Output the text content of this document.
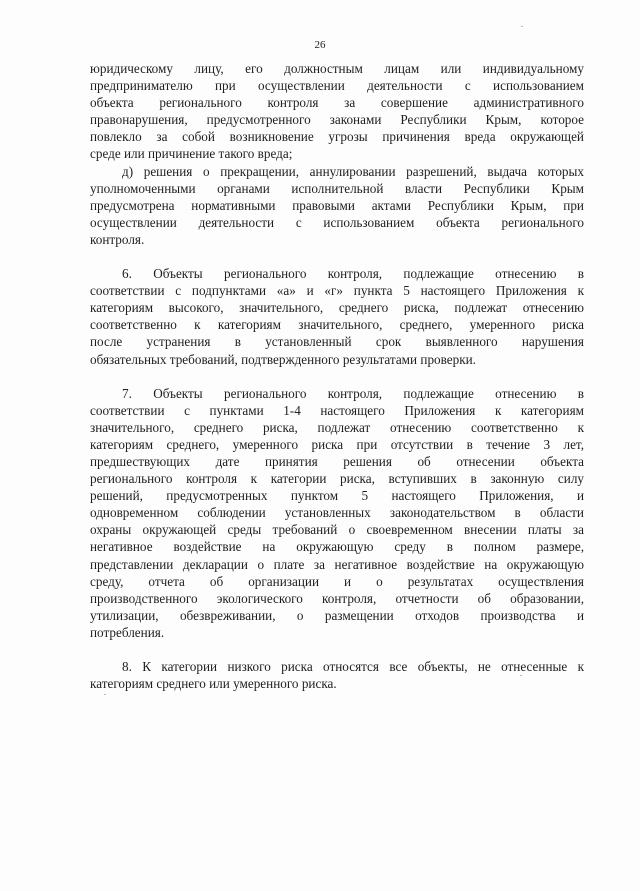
26

юридическому лицу, его должностным лицам или индивидуальному
предпринимателю при осуществлении деятельности с использованием
объекта регионального контроля за совершение административного
правонарушения, предусмотренного законами Республики Крым, которое
повлекло за собой возникновение угрозы причинения вреда окружающей
среде или причинение такого вреда;

д) решения о прекращении, аннулировании разрешений, выдача которых
уполномоченными органами исполнительной власти Республики Крым
предусмотрена нормативными правовыми актами Республики Крым, при
осуществлении деятельности с использованием объекта регионального
контроля.

6. Объекты регионального контроля, подлежащие отнесению в
соответствии с подпунктами «а» и «г» пункта 5 настоящего Приложения к
категориям высокого, значительного, среднего риска, подлежат отнесению
соответственно к категориям значительного, среднего, умеренного риска
после устранения в установленный срок выявленного нарушения
обязательных требований, подтвержденного результатами проверки.

7. Объекты регионального контроля, подлежащие отнесению в
соответствии с пунктами 1-4 настоящего Приложения к категориям
значительного, среднего риска, подлежат отнесению соответственно к
категориям среднего, умеренного риска при отсутствии в течение 3 лет,
предшествующих дате принятия решения об отнесении объекта
регионального контроля к категории риска, вступивших в законную силу
решений, предусмотренных пунктом 5 настоящего Приложения, и
одновременном соблюдении установленных законодательством в области
охраны окружающей среды требований о своевременном внесении платы за
негативное воздействие на окружающую среду в полном размере,
представлении декларации о плате за негативное воздействие на окружающую
среду, отчета об организации и о результатах осуществления
производственного экологического контроля, отчетности об образовании,
утилизации, обезвреживании, о размещении отходов производства и
потребления.

8. К категории низкого риска относятся все объекты, не отнесенные к
категориям среднего или умеренного риска.
